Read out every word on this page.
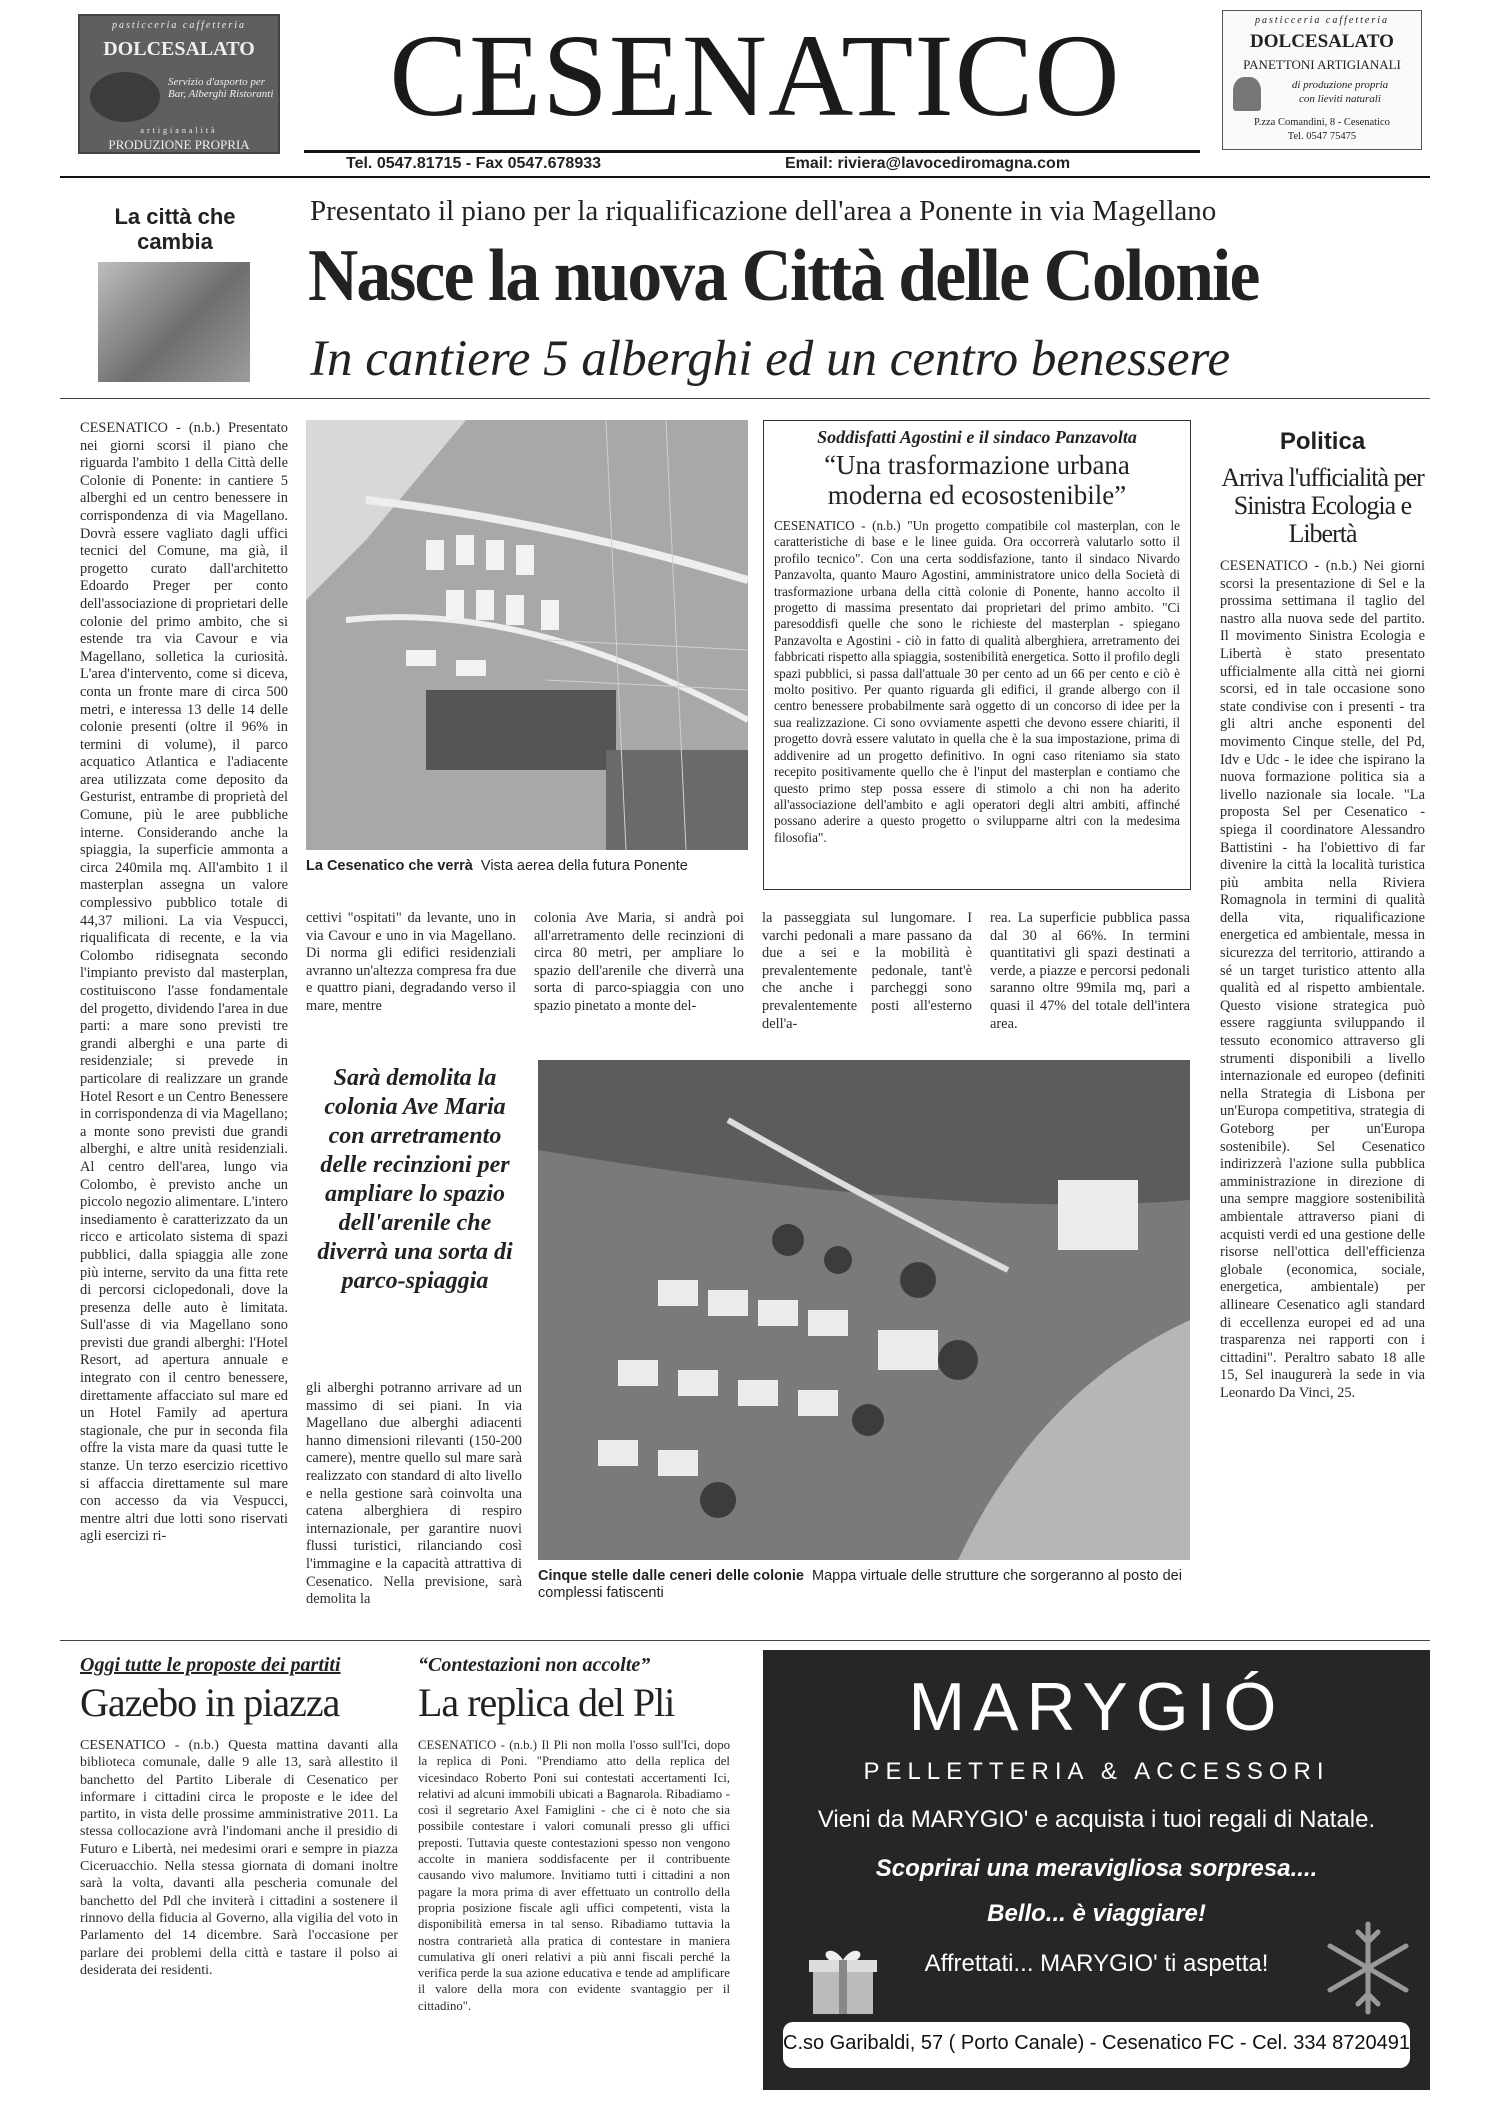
pasticceria caffetteria
DOLCESALATO
Servizio d'asporto per Bar, Alberghi Ristoranti
artigianalità
PRODUZIONE PROPRIA
CESENATICO	pasticceria caffetteria
DOLCESALATO
PANETTONI ARTIGIANALI
di produzione propria
con lieviti naturali
P.zza Comandini, 8 - Cesenatico
Tel. 0547 75475
Tel. 0547.81715 - Fax 0547.678933	Email: riviera@lavocediromagna.com
La città che cambia
Presentato il piano per la riqualificazione dell'area a Ponente in via Magellano
Nasce la nuova Città delle Colonie
In cantiere 5 alberghi ed un centro benessere

CESENATICO - (n.b.) Presentato nei giorni scorsi il piano che riguarda l'ambito 1 della Città delle Colonie di Ponente: in cantiere 5 alberghi ed un centro benessere in corrispondenza di via Magellano. Dovrà essere vagliato dagli uffici tecnici del Comune, ma già, il progetto curato dall'architetto Edoardo Preger per conto dell'associazione di proprietari delle colonie del primo ambito, che si estende tra via Cavour e via Magellano, solletica la curiosità. L'area d'intervento, come si diceva, conta un fronte mare di circa 500 metri, e interessa 13 delle 14 delle colonie presenti (oltre il 96% in termini di volume), il parco acquatico Atlantica e l'adiacente area utilizzata come deposito da Gesturist, entrambe di proprietà del Comune, più le aree pubbliche interne. Considerando anche la spiaggia, la superficie ammonta a circa 240mila mq. All'ambito 1 il masterplan assegna un valore complessivo pubblico totale di 44,37 milioni. La via Vespucci, riqualificata di recente, e la via Colombo ridisegnata secondo l'impianto previsto dal masterplan, costituiscono l'asse fondamentale del progetto, dividendo l'area in due parti: a mare sono previsti tre grandi alberghi e una parte di residenziale; si prevede in particolare di realizzare un grande Hotel Resort e un Centro Benessere in corrispondenza di via Magellano; a monte sono previsti due grandi alberghi, e altre unità residenziali. Al centro dell'area, lungo via Colombo, è previsto anche un piccolo negozio alimentare. L'intero insediamento è caratterizzato da un ricco e articolato sistema di spazi pubblici, dalla spiaggia alle zone più interne, servito da una fitta rete di percorsi ciclopedonali, dove la presenza delle auto è limitata. Sull'asse di via Magellano sono previsti due grandi alberghi: l'Hotel Resort, ad apertura annuale e integrato con il centro benessere, direttamente affacciato sul mare ed un Hotel Family ad apertura stagionale, che pur in seconda fila offre la vista mare da quasi tutte le stanze. Un terzo esercizio ricettivo si affaccia direttamente sul mare con accesso da via Vespucci, mentre altri due lotti sono riservati agli esercizi ri-

La Cesenatico che verrà Vista aerea della futura Ponente
Soddisfatti Agostini e il sindaco Panzavolta
“Una trasformazione urbana moderna ed ecosostenibile”
CESENATICO - (n.b.) "Un progetto compatibile col masterplan, con le caratteristiche di base e le linee guida. Ora occorrerà valutarlo sotto il profilo tecnico". Con una certa soddisfazione, tanto il sindaco Nivardo Panzavolta, quanto Mauro Agostini, amministratore unico della Società di trasformazione urbana della città colonie di Ponente, hanno accolto il progetto di massima presentato dai proprietari del primo ambito. "Ci paresoddisfi quelle che sono le richieste del masterplan - spiegano Panzavolta e Agostini - ciò in fatto di qualità alberghiera, arretramento dei fabbricati rispetto alla spiaggia, sostenibilità energetica. Sotto il profilo degli spazi pubblici, si passa dall'attuale 30 per cento ad un 66 per cento e ciò è molto positivo. Per quanto riguarda gli edifici, il grande albergo con il centro benessere probabilmente sarà oggetto di un concorso di idee per la sua realizzazione. Ci sono ovviamente aspetti che devono essere chiariti, il progetto dovrà essere valutato in quella che è la sua impostazione, prima di addivenire ad un progetto definitivo. In ogni caso riteniamo sia stato recepito positivamente quello che è l'input del masterplan e contiamo che questo primo step possa essere di stimolo a chi non ha aderito all'associazione dell'ambito e agli operatori degli altri ambiti, affinché possano aderire a questo progetto o svilupparne altri con la medesima filosofia".
Politica
Arriva l'ufficialità per Sinistra Ecologia e Libertà
CESENATICO - (n.b.) Nei giorni scorsi la presentazione di Sel e la prossima settimana il taglio del nastro alla nuova sede del partito. Il movimento Sinistra Ecologia e Libertà è stato presentato ufficialmente alla città nei giorni scorsi, ed in tale occasione sono state condivise con i presenti - tra gli altri anche esponenti del movimento Cinque stelle, del Pd, Idv e Udc - le idee che ispirano la nuova formazione politica sia a livello nazionale sia locale. "La proposta Sel per Cesenatico - spiega il coordinatore Alessandro Battistini - ha l'obiettivo di far divenire la città la località turistica più ambita nella Riviera Romagnola in termini di qualità della vita, riqualificazione energetica ed ambientale, messa in sicurezza del territorio, attirando a sé un target turistico attento alla qualità ed al rispetto ambientale. Questo visione strategica può essere raggiunta sviluppando il tessuto economico attraverso gli strumenti disponibili a livello internazionale ed europeo (definiti nella Strategia di Lisbona per un'Europa competitiva, strategia di Goteborg per un'Europa sostenibile). Sel Cesenatico indirizzerà l'azione sulla pubblica amministrazione in direzione di una sempre maggiore sostenibilità ambientale attraverso piani di acquisti verdi ed una gestione delle risorse nell'ottica dell'efficienza globale (economica, sociale, energetica, ambientale) per allineare Cesenatico agli standard di eccellenza europei ed ad una trasparenza nei rapporti con i cittadini". Peraltro sabato 18 alle 15, Sel inaugurerà la sede in via Leonardo Da Vinci, 25.
cettivi "ospitati" da levante, uno in via Cavour e uno in via Magellano. Di norma gli edifici residenziali avranno un'altezza compresa fra due e quattro piani, degradando verso il mare, mentre
colonia Ave Maria, si andrà poi all'arretramento delle recinzioni di circa 80 metri, per ampliare lo spazio dell'arenile che diverrà una sorta di parco-spiaggia con uno spazio pinetato a monte del-
la passeggiata sul lungomare. I varchi pedonali a mare passano da due a sei e la mobilità è prevalentemente pedonale, tant'è che anche i parcheggi sono prevalentemente posti all'esterno dell'a-
rea. La superficie pubblica passa dal 30 al 66%. In termini quantitativi gli spazi destinati a verde, a piazze e percorsi pedonali saranno oltre 99mila mq, pari a quasi il 47% del totale dell'intera area.
Sarà demolita la colonia Ave Maria con arretramento delle recinzioni per ampliare lo spazio dell'arenile che diverrà una sorta di parco-spiaggia
gli alberghi potranno arrivare ad un massimo di sei piani. In via Magellano due alberghi adiacenti hanno dimensioni rilevanti (150-200 camere), mentre quello sul mare sarà realizzato con standard di alto livello e nella gestione sarà coinvolta una catena alberghiera di respiro internazionale, per garantire nuovi flussi turistici, rilanciando così l'immagine e la capacità attrattiva di Cesenatico. Nella previsione, sarà demolita la
Cinque stelle dalle ceneri delle colonie Mappa virtuale delle strutture che sorgeranno al posto dei complessi fatiscenti
Oggi tutte le proposte dei partiti
Gazebo in piazza
CESENATICO - (n.b.) Questa mattina davanti alla biblioteca comunale, dalle 9 alle 13, sarà allestito il banchetto del Partito Liberale di Cesenatico per informare i cittadini circa le proposte e le idee del partito, in vista delle prossime amministrative 2011. La stessa collocazione avrà l'indomani anche il presidio di Futuro e Libertà, nei medesimi orari e sempre in piazza Ciceruacchio. Nella stessa giornata di domani inoltre sarà la volta, davanti alla pescheria comunale del banchetto del Pdl che inviterà i cittadini a sostenere il rinnovo della fiducia al Governo, alla vigilia del voto in Parlamento del 14 dicembre. Sarà l'occasione per parlare dei problemi della città e tastare il polso ai desiderata dei residenti.
“Contestazioni non accolte”
La replica del Pli
CESENATICO - (n.b.) Il Pli non molla l'osso sull'Ici, dopo la replica di Poni. "Prendiamo atto della replica del vicesindaco Roberto Poni sui contestati accertamenti Ici, relativi ad alcuni immobili ubicati a Bagnarola. Ribadiamo - così il segretario Axel Famiglini - che ci è noto che sia possibile contestare i valori comunali presso gli uffici preposti. Tuttavia queste contestazioni spesso non vengono accolte in maniera soddisfacente per il contribuente causando vivo malumore. Invitiamo tutti i cittadini a non pagare la mora prima di aver effettuato un controllo della propria posizione fiscale agli uffici competenti, vista la disponibilità emersa in tal senso. Ribadiamo tuttavia la nostra contrarietà alla pratica di contestare in maniera cumulativa gli oneri relativi a più anni fiscali perché la verifica perde la sua azione educativa e tende ad amplificare il valore della mora con evidente svantaggio per il cittadino".
MARYGIÓ
PELLETTERIA & ACCESSORI
Vieni da MARYGIO' e acquista i tuoi regali di Natale.
Scoprirai una meravigliosa sorpresa....
Bello... è viaggiare!
Affrettati... MARYGIO' ti aspetta!
C.so Garibaldi, 57 ( Porto Canale) - Cesenatico FC - Cel. 334 8720491
